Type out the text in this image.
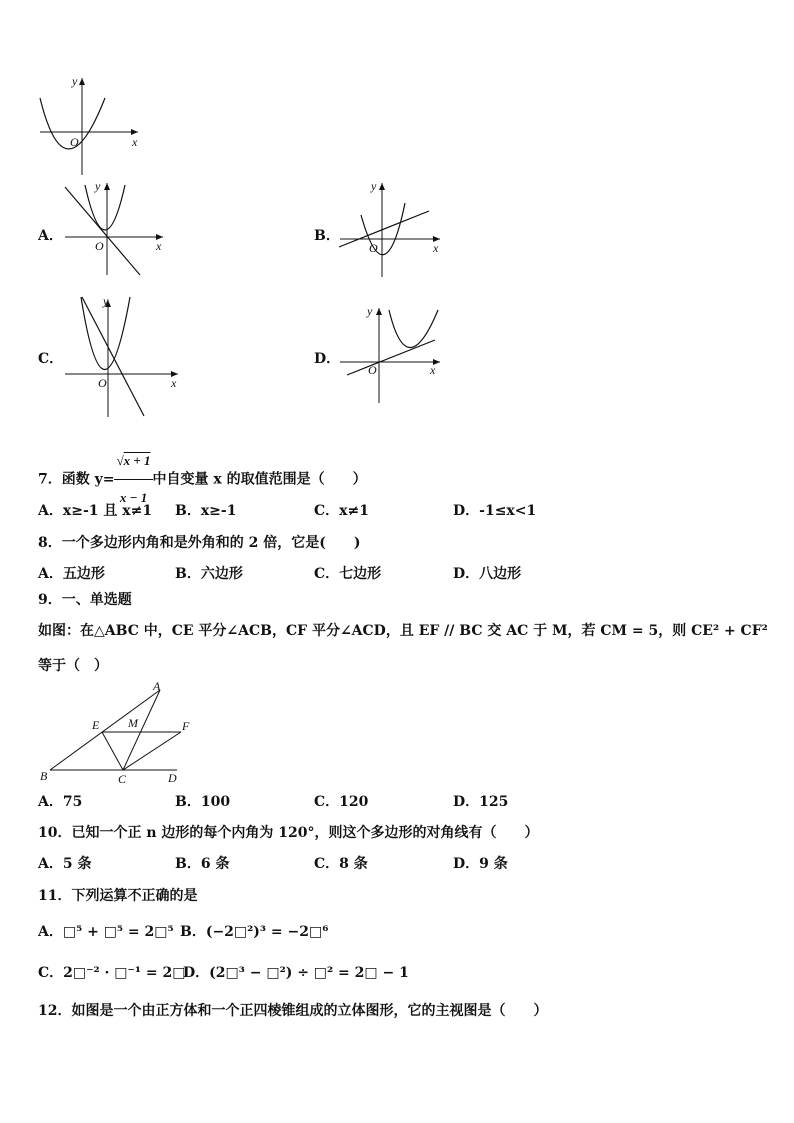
x
y
O
A．
x
y
O
B．
x
y
O
C．
x
y
O
D．
x
y
O
7．函数 $y= \frac{√x + 1}{x - 1}$ 中自变量 x 的取值范围是（　　）
A．x≥-1 且 x≠1 B．x≥-1	C．x≠1	D．-1≤x<1
8．一个多边形内角和是外角和的 2 倍，它是(　　)
A．五边形	B．六边形	C．七边形	D．八边形
9．一、单选题
如图：在△ABC 中，CE 平分∠ACB，CF 平分∠ACD，且 EF // BC 交 AC 于 M，若 CM = 5，则 CE² + CF²
等于（　）
A
E M	F
B	C	D
A．75	B．100	C．120	D．125
10．已知一个正 n 边形的每个内角为 120°，则这个多边形的对角线有（　　）
A．5 条	B．6 条	C．8 条	D．9 条
11．下列运算不正确的是
A．□⁵ + □⁵ = 2□⁵ B．(−2□²)³ = −2□⁶
C．2□⁻² · □⁻¹ = 2□
D．(2□³ − □²) ÷ □² = 2□ − 1
12．如图是一个由正方体和一个正四棱锥组成的立体图形，它的主视图是（　　）
